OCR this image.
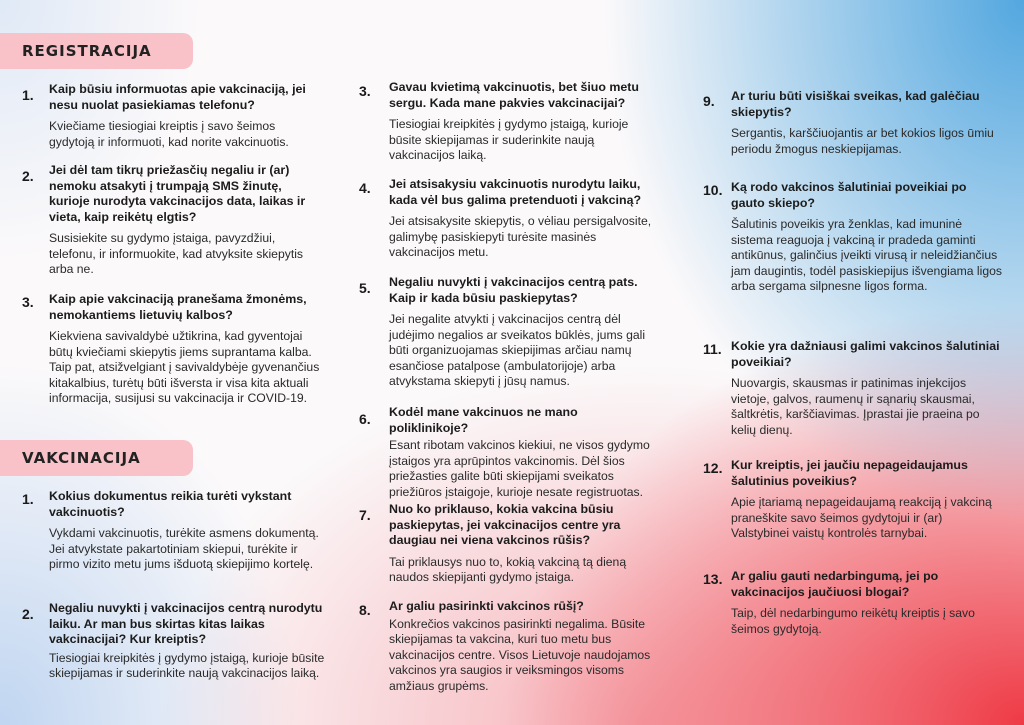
REGISTRACIJA
VAKCINACIJA
1. Kaip būsiu informuotas apie vakcinaciją, jei nesu nuolat pasiekiamas telefonu?
Kviečiame tiesiogiai kreiptis į savo šeimos gydytoją ir informuoti, kad norite vakcinuotis.
2. Jei dėl tam tikrų priežasčių negaliu ir (ar) nemoku atsakyti į trumpąją SMS žinutę, kurioje nurodyta vakcinacijos data, laikas ir vieta, kaip reikėtų elgtis?
Susisiekite su gydymo įstaiga, pavyzdžiui, telefonu, ir informuokite, kad atvyksite skiepytis arba ne.
3. Kaip apie vakcinaciją pranešama žmonėms, nemokantiems lietuvių kalbos?
Kiekviena savivaldybė užtikrina, kad gyventojai būtų kviečiami skiepytis jiems suprantama kalba. Taip pat, atsižvelgiant į savivaldybėje gyvenančius kitakalbius, turėtų būti išversta ir visa kita aktuali informacija, susijusi su vakcinacija ir COVID-19.
1. Kokius dokumentus reikia turėti vykstant vakcinuotis?
Vykdami vakcinuotis, turėkite asmens dokumentą. Jei atvykstate pakartotiniam skiepui, turėkite ir pirmo vizito metu jums išduotą skiepijimo kortelę.
2. Negaliu nuvykti į vakcinacijos centrą nurodytu laiku. Ar man bus skirtas kitas laikas vakcinacijai? Kur kreiptis?
Tiesiogiai kreipkitės į gydymo įstaigą, kurioje būsite skiepijamas ir suderinkite naują vakcinacijos laiką.
3. Gavau kvietimą vakcinuotis, bet šiuo metu sergu. Kada mane pakvies vakcinacijai?
Tiesiogiai kreipkitės į gydymo įstaigą, kurioje būsite skiepijamas ir suderinkite naują vakcinacijos laiką.
4. Jei atsisakysiu vakcinuotis nurodytu laiku, kada vėl bus galima pretenduoti į vakciną?
Jei atsisakysite skiepytis, o vėliau persigalvosite, galimybę pasiskiepyti turėsite masinės vakcinacijos metu.
5. Negaliu nuvykti į vakcinacijos centrą pats. Kaip ir kada būsiu paskiepytas?
Jei negalite atvykti į vakcinacijos centrą dėl judėjimo negalios ar sveikatos būklės, jums gali būti organizuojamas skiepijimas arčiau namų esančiose patalpose (ambulatorijoje) arba atvykstama skiepyti į jūsų namus.
6. Kodėl mane vakcinuos ne mano poliklinikoje?
Esant ribotam vakcinos kiekiui, ne visos gydymo įstaigos yra aprūpintos vakcinomis. Dėl šios priežasties galite būti skiepijami sveikatos priežiūros įstaigoje, kurioje nesate registruotas.
7. Nuo ko priklauso, kokia vakcina būsiu paskiepytas, jei vakcinacijos centre yra daugiau nei viena vakcinos rūšis?
Tai priklausys nuo to, kokią vakciną tą dieną naudos skiepijanti gydymo įstaiga.
8. Ar galiu pasirinkti vakcinos rūšį?
Konkrečios vakcinos pasirinkti negalima. Būsite skiepijamas ta vakcina, kuri tuo metu bus vakcinacijos centre. Visos Lietuvoje naudojamos vakcinos yra saugios ir veiksmingos visoms amžiaus grupėms.
9. Ar turiu būti visiškai sveikas, kad galėčiau skiepytis?
Sergantis, karščiuojantis ar bet kokios ligos ūmiu periodu žmogus neskiepijamas.
10. Ką rodo vakcinos šalutiniai poveikiai po gauto skiepo?
Šalutinis poveikis yra ženklas, kad imuninė sistema reaguoja į vakciną ir pradeda gaminti antikūnus, galinčius įveikti virusą ir neleidžiančius jam daugintis, todėl pasiskiepijus išvengiama ligos arba sergama silpnesne ligos forma.
11. Kokie yra dažniausi galimi vakcinos šalutiniai poveikiai?
Nuovargis, skausmas ir patinimas injekcijos vietoje, galvos, raumenų ir sąnarių skausmai, šaltkrėtis, karščiavimas. Įprastai jie praeina po kelių dienų.
12. Kur kreiptis, jei jaučiu nepageidaujamus šalutinius poveikius?
Apie įtariamą nepageidaujamą reakciją į vakciną praneškite savo šeimos gydytojui ir (ar) Valstybinei vaistų kontrolės tarnybai.
13. Ar galiu gauti nedarbingumą, jei po vakcinacijos jaučiuosi blogai?
Taip, dėl nedarbingumo reikėtų kreiptis į savo šeimos gydytoją.
